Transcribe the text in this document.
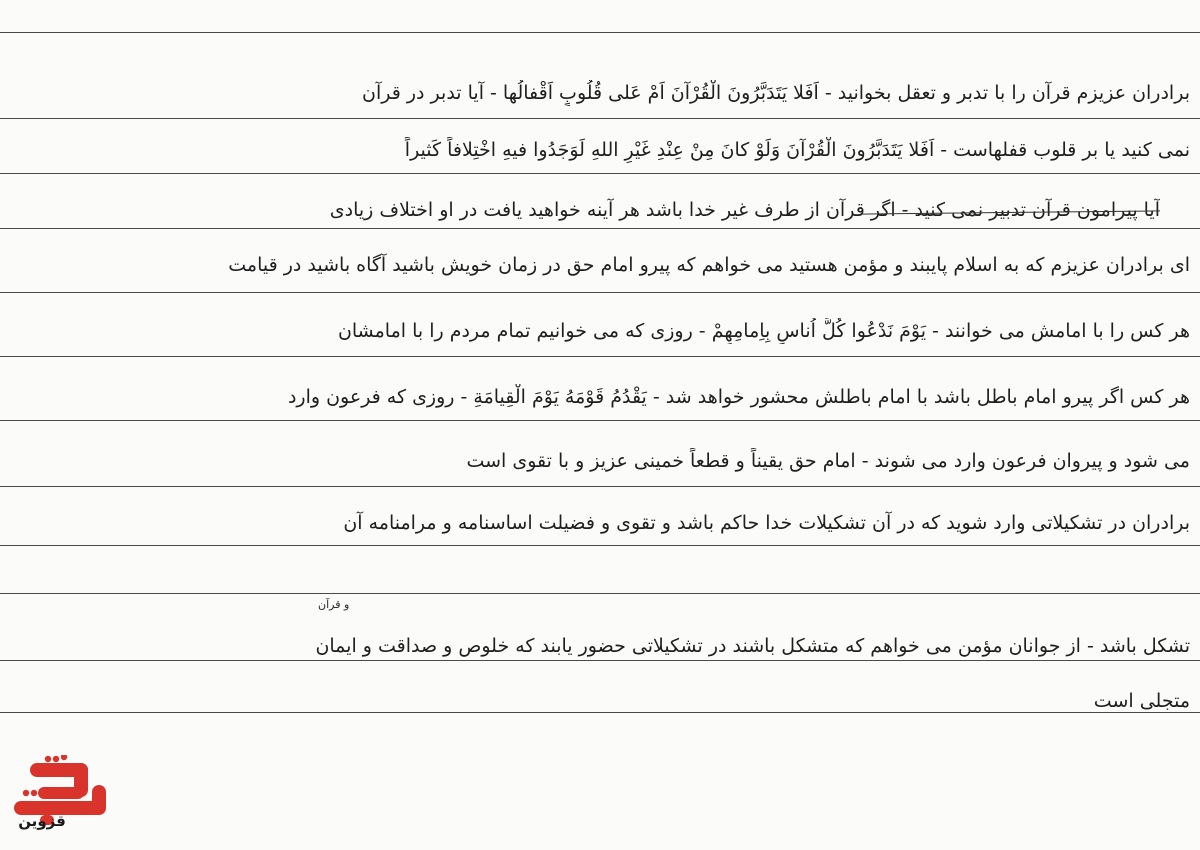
برادران عزیزم قرآن را با تدبر و تعقل بخوانید - اَفَلا یَتَدَبَّرُونَ الْقُرْآنَ اَمْ عَلی قُلُوبٍ اَقْفالُها - آیا تدبر در قرآن
نمی کنید یا بر قلوب قفلهاست - اَفَلا یَتَدَبَّرُونَ الْقُرْآنَ وَلَوْ کانَ مِنْ عِنْدِ غَیْرِ اللهِ لَوَجَدُوا فیهِ اخْتِلافاً کَثیراً
آیا پیرامون قرآن تدبیر نمی کنید - اگر قرآن از طرف غیر خدا باشد هر آینه خواهید یافت در او اختلاف زیادی
ای برادران عزیزم که به اسلام پایبند و مؤمن هستید می خواهم که پیرو امام حق در زمان خویش باشید آگاه باشید در قیامت
هر کس را با امامش می خوانند - یَوْمَ نَدْعُوا کُلَّ اُناسٍ بِاِمامِهِمْ - روزی که می خوانیم تمام مردم را با امامشان
هر کس اگر پیرو امام باطل باشد با امام باطلش محشور خواهد شد - یَقْدُمُ قَوْمَهُ یَوْمَ الْقِیامَةِ - روزی که فرعون وارد
می شود و پیروان فرعون وارد می شوند - امام حق یقیناً و قطعاً خمینی عزیز و با تقوی است
برادران در تشکیلاتی وارد شوید که در آن تشکیلات خدا حاکم باشد و تقوی و فضیلت اساسنامه و مرامنامه آن
و قرآن
تشکل باشد - از جوانان مؤمن می خواهم که متشکل باشند در تشکیلاتی حضور یابند که خلوص و صداقت و ایمان
متجلی است
قزوین
